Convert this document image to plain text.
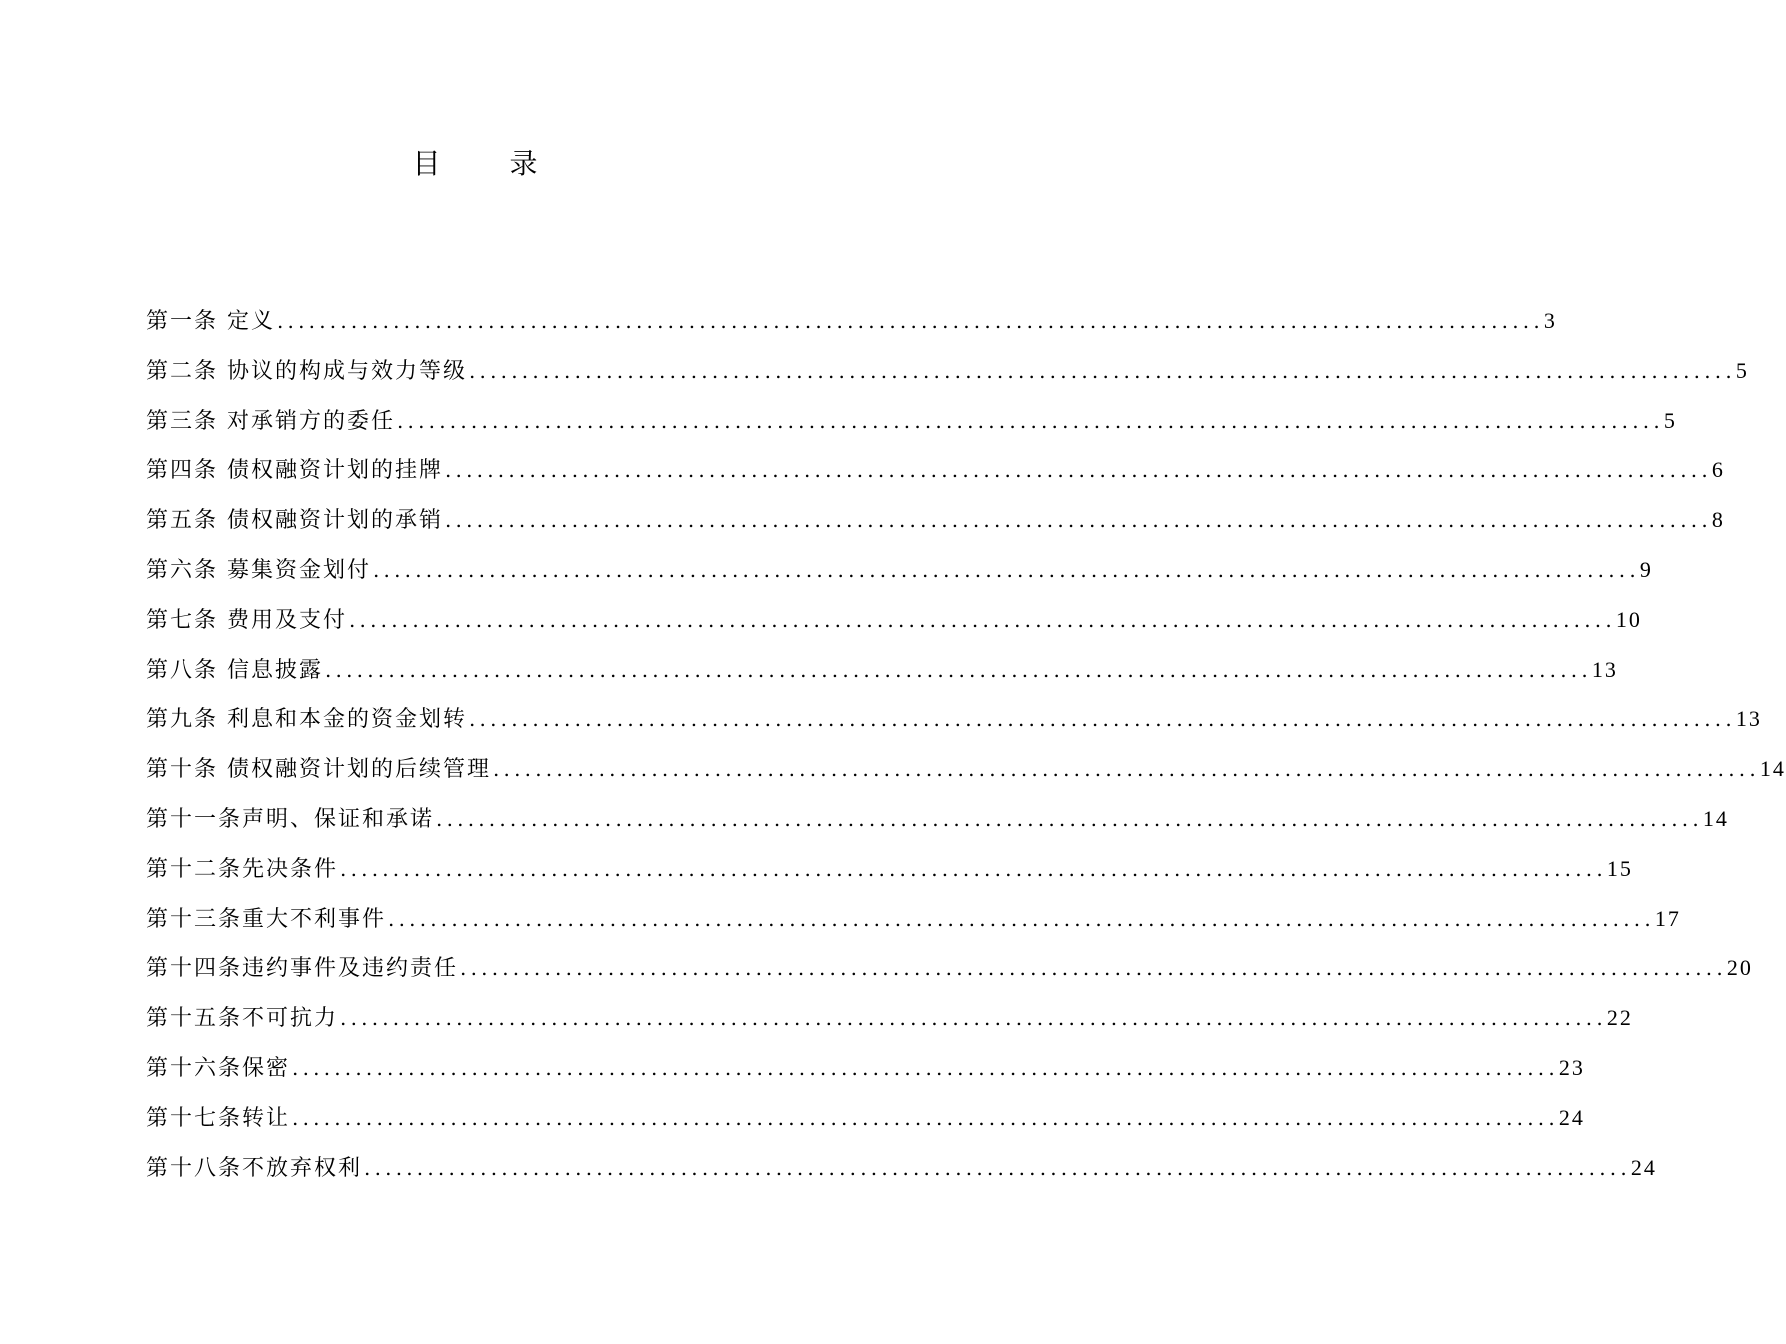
目 录
第一条 定义 ........................................................................................................................ 3
第二条 协议的构成与效力等级 ........................................................................................................................ 5
第三条 对承销方的委任 ........................................................................................................................ 5
第四条 债权融资计划的挂牌 ........................................................................................................................ 6
第五条 债权融资计划的承销 ........................................................................................................................ 8
第六条 募集资金划付 ........................................................................................................................ 9
第七条 费用及支付 ........................................................................................................................ 10
第八条 信息披露 ........................................................................................................................ 13
第九条 利息和本金的资金划转 ........................................................................................................................ 13
第十条 债权融资计划的后续管理 ........................................................................................................................ 14
第十一条声明、保证和承诺 ........................................................................................................................ 14
第十二条先决条件 ........................................................................................................................ 15
第十三条重大不利事件 ........................................................................................................................ 17
第十四条违约事件及违约责任 ........................................................................................................................ 20
第十五条不可抗力 ........................................................................................................................ 22
第十六条保密 ........................................................................................................................ 23
第十七条转让 ........................................................................................................................ 24
第十八条不放弃权利 ........................................................................................................................ 24
